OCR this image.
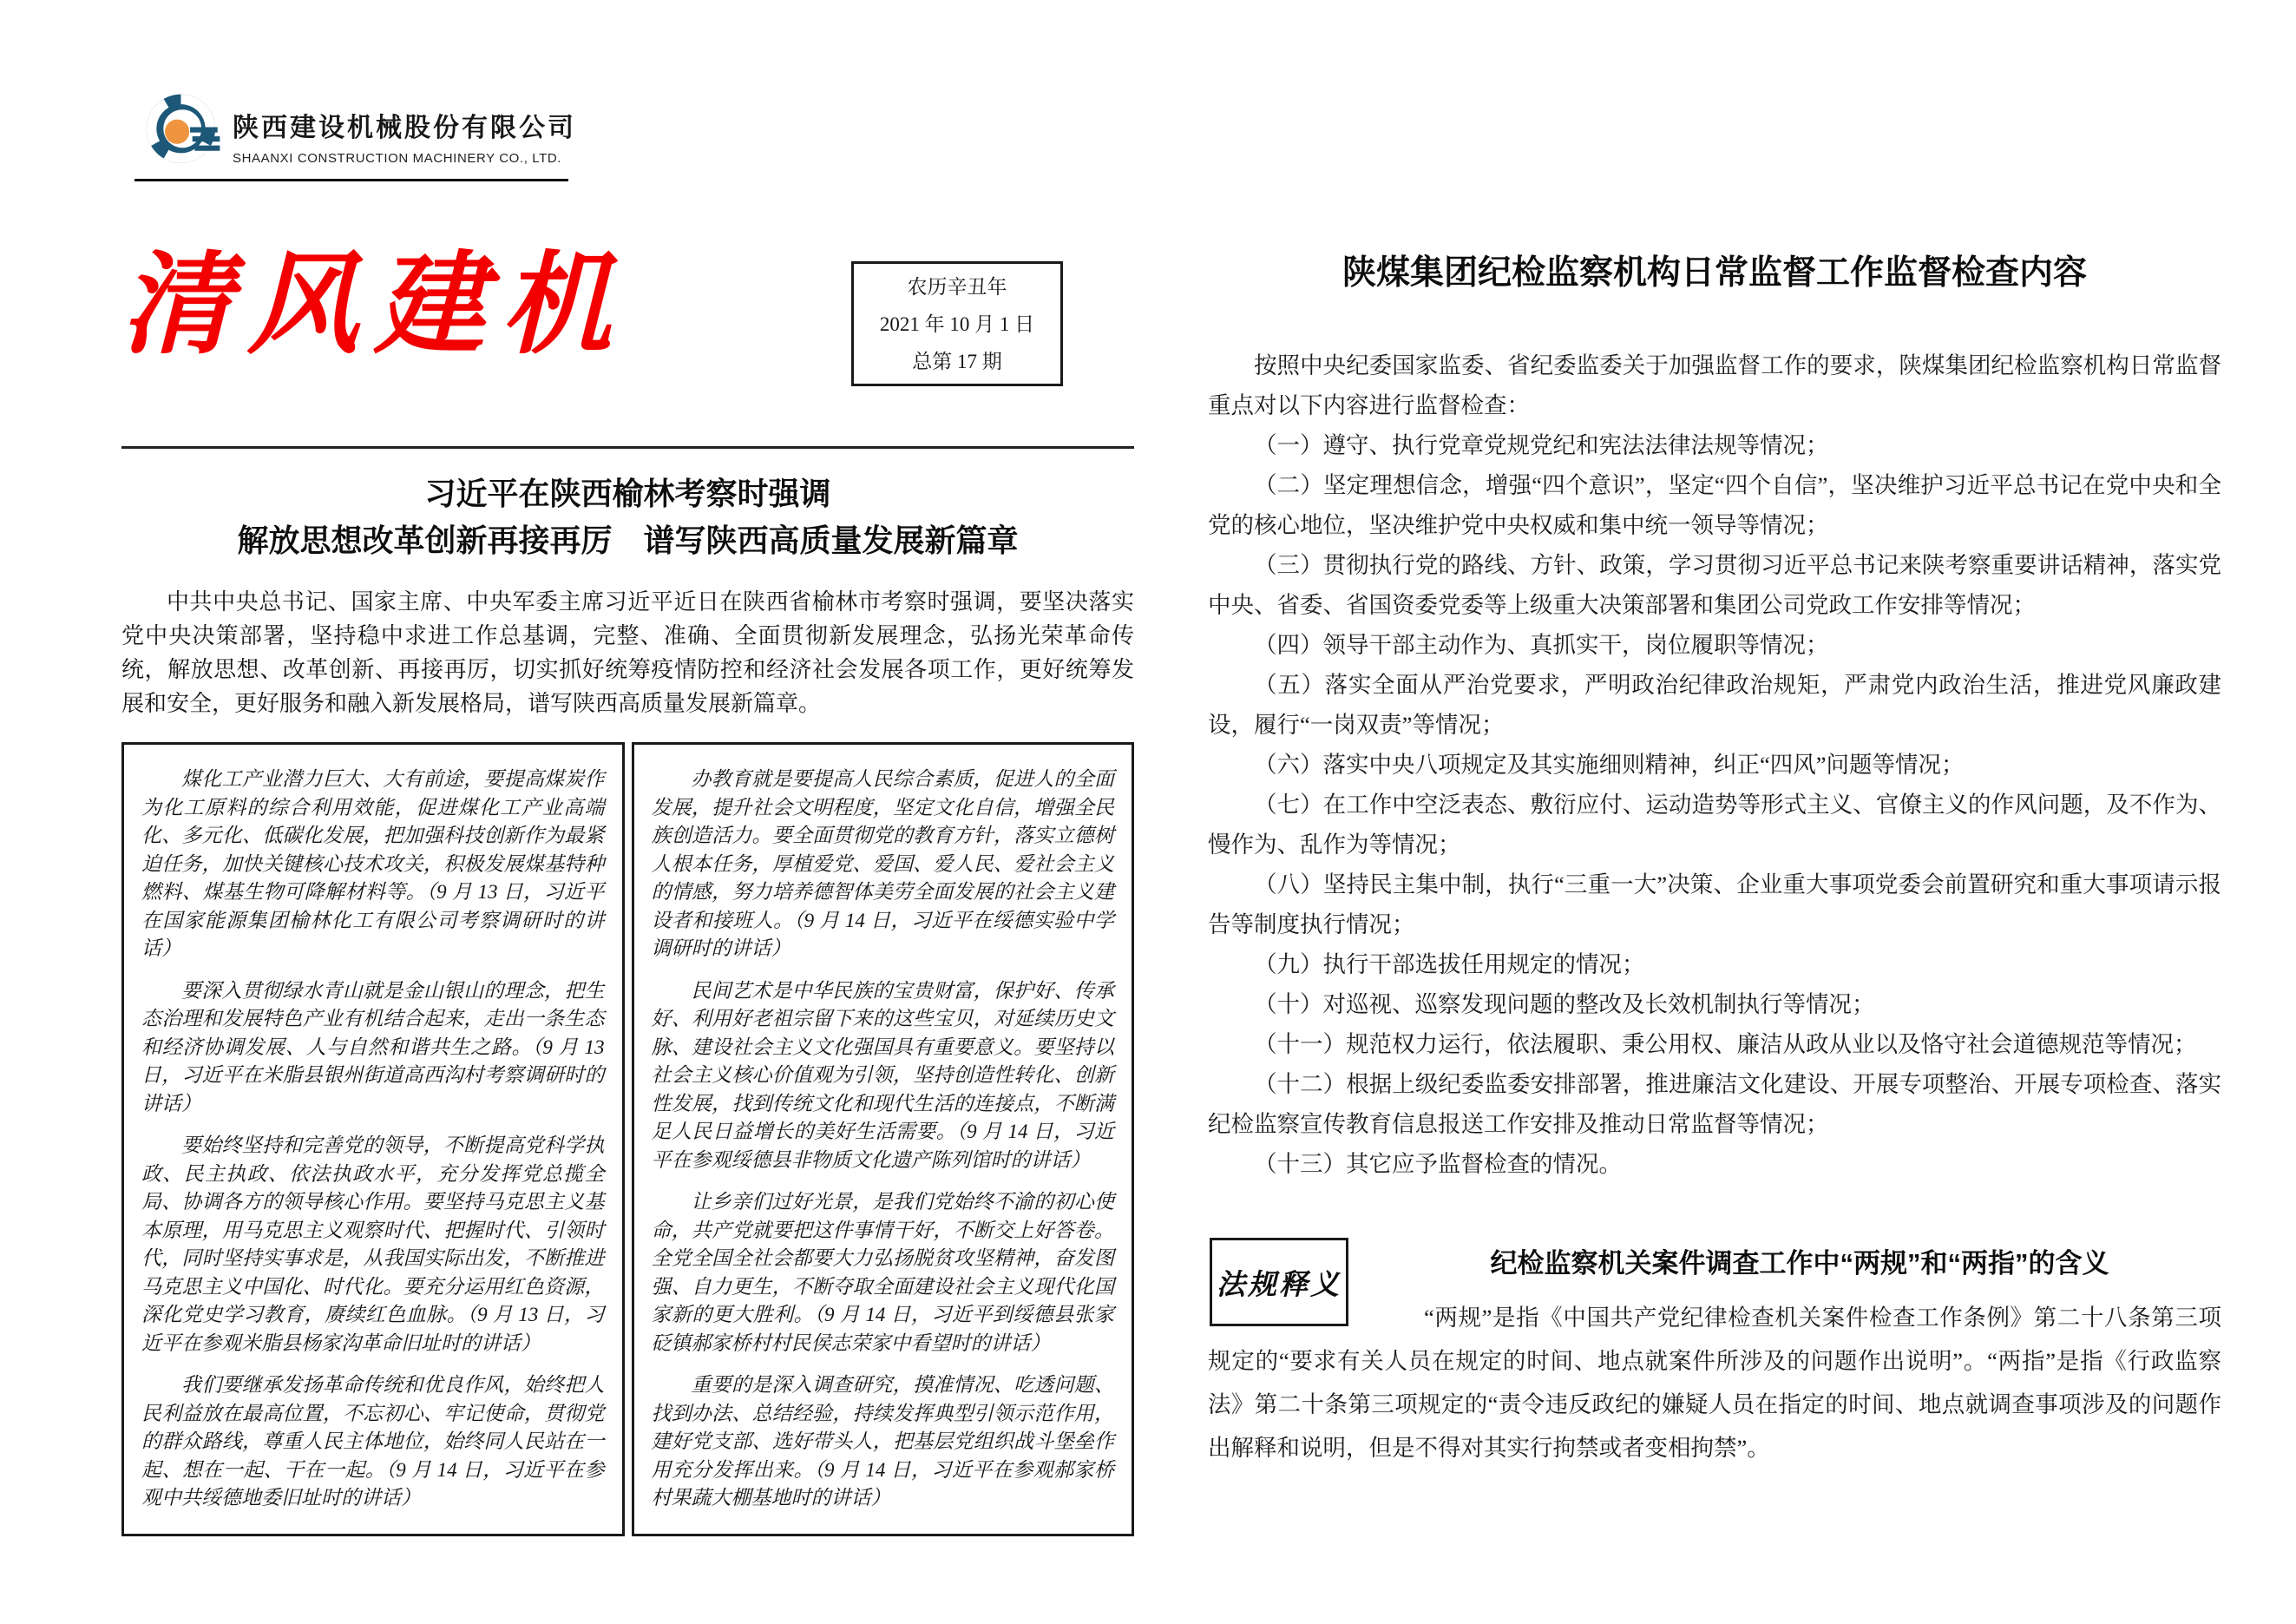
陕西建设机械股份有限公司
SHAANXI CONSTRUCTION MACHINERY CO., LTD.
清风建机	农历辛丑年
2021 年 10 月 1 日
总第 17 期
习近平在陕西榆林考察时强调
解放思想改革创新再接再厉　谱写陕西高质量发展新篇章

中共中央总书记、国家主席、中央军委主席习近平近日在陕西省榆林市考察时强调，要坚决落实党中央决策部署，坚持稳中求进工作总基调，完整、准确、全面贯彻新发展理念，弘扬光荣革命传统，解放思想、改革创新、再接再厉，切实抓好统筹疫情防控和经济社会发展各项工作，更好统筹发展和安全，更好服务和融入新发展格局，谱写陕西高质量发展新篇章。

煤化工产业潜力巨大、大有前途，要提高煤炭作为化工原料的综合利用效能，促进煤化工产业高端化、多元化、低碳化发展，把加强科技创新作为最紧迫任务，加快关键核心技术攻关，积极发展煤基特种燃料、煤基生物可降解材料等。（9 月 13 日，习近平在国家能源集团榆林化工有限公司考察调研时的讲话）

要深入贯彻绿水青山就是金山银山的理念，把生态治理和发展特色产业有机结合起来，走出一条生态和经济协调发展、人与自然和谐共生之路。（9 月 13 日，习近平在米脂县银州街道高西沟村考察调研时的讲话）

要始终坚持和完善党的领导，不断提高党科学执政、民主执政、依法执政水平，充分发挥党总揽全局、协调各方的领导核心作用。要坚持马克思主义基本原理，用马克思主义观察时代、把握时代、引领时代，同时坚持实事求是，从我国实际出发，不断推进马克思主义中国化、时代化。要充分运用红色资源，深化党史学习教育，赓续红色血脉。（9 月 13 日，习近平在参观米脂县杨家沟革命旧址时的讲话）

我们要继承发扬革命传统和优良作风，始终把人民利益放在最高位置，不忘初心、牢记使命，贯彻党的群众路线，尊重人民主体地位，始终同人民站在一起、想在一起、干在一起。（9 月 14 日，习近平在参观中共绥德地委旧址时的讲话）

办教育就是要提高人民综合素质，促进人的全面发展，提升社会文明程度，坚定文化自信，增强全民族创造活力。要全面贯彻党的教育方针，落实立德树人根本任务，厚植爱党、爱国、爱人民、爱社会主义的情感，努力培养德智体美劳全面发展的社会主义建设者和接班人。（9 月 14 日，习近平在绥德实验中学调研时的讲话）

民间艺术是中华民族的宝贵财富，保护好、传承好、利用好老祖宗留下来的这些宝贝，对延续历史文脉、建设社会主义文化强国具有重要意义。要坚持以社会主义核心价值观为引领，坚持创造性转化、创新性发展，找到传统文化和现代生活的连接点，不断满足人民日益增长的美好生活需要。（9 月 14 日，习近平在参观绥德县非物质文化遗产陈列馆时的讲话）

让乡亲们过好光景，是我们党始终不渝的初心使命，共产党就要把这件事情干好，不断交上好答卷。全党全国全社会都要大力弘扬脱贫攻坚精神，奋发图强、自力更生，不断夺取全面建设社会主义现代化国家新的更大胜利。（9 月 14 日，习近平到绥德县张家砭镇郝家桥村村民侯志荣家中看望时的讲话）

重要的是深入调查研究，摸准情况、吃透问题、找到办法、总结经验，持续发挥典型引领示范作用，建好党支部、选好带头人，把基层党组织战斗堡垒作用充分发挥出来。（9 月 14 日，习近平在参观郝家桥村果蔬大棚基地时的讲话）

陕煤集团纪检监察机构日常监督工作监督检查内容

按照中央纪委国家监委、省纪委监委关于加强监督工作的要求，陕煤集团纪检监察机构日常监督重点对以下内容进行监督检查：

（一）遵守、执行党章党规党纪和宪法法律法规等情况；

（二）坚定理想信念，增强“四个意识”，坚定“四个自信”，坚决维护习近平总书记在党中央和全党的核心地位，坚决维护党中央权威和集中统一领导等情况；

（三）贯彻执行党的路线、方针、政策，学习贯彻习近平总书记来陕考察重要讲话精神，落实党中央、省委、省国资委党委等上级重大决策部署和集团公司党政工作安排等情况；

（四）领导干部主动作为、真抓实干，岗位履职等情况；

（五）落实全面从严治党要求，严明政治纪律政治规矩，严肃党内政治生活，推进党风廉政建设，履行“一岗双责”等情况；

（六）落实中央八项规定及其实施细则精神，纠正“四风”问题等情况；

（七）在工作中空泛表态、敷衍应付、运动造势等形式主义、官僚主义的作风问题，及不作为、慢作为、乱作为等情况；

（八）坚持民主集中制，执行“三重一大”决策、企业重大事项党委会前置研究和重大事项请示报告等制度执行情况；

（九）执行干部选拔任用规定的情况；

（十）对巡视、巡察发现问题的整改及长效机制执行等情况；

（十一）规范权力运行，依法履职、秉公用权、廉洁从政从业以及恪守社会道德规范等情况；

（十二）根据上级纪委监委安排部署，推进廉洁文化建设、开展专项整治、开展专项检查、落实纪检监察宣传教育信息报送工作安排及推动日常监督等情况；

（十三）其它应予监督检查的情况。

法规释义
纪检监察机关案件调查工作中“两规”和“两指”的含义

“两规”是指《中国共产党纪律检查机关案件检查工作条例》第二十八条第三项规定的“要求有关人员在规定的时间、地点就案件所涉及的问题作出说明”。“两指”是指《行政监察法》第二十条第三项规定的“责令违反政纪的嫌疑人员在指定的时间、地点就调查事项涉及的问题作出解释和说明，但是不得对其实行拘禁或者变相拘禁”。
